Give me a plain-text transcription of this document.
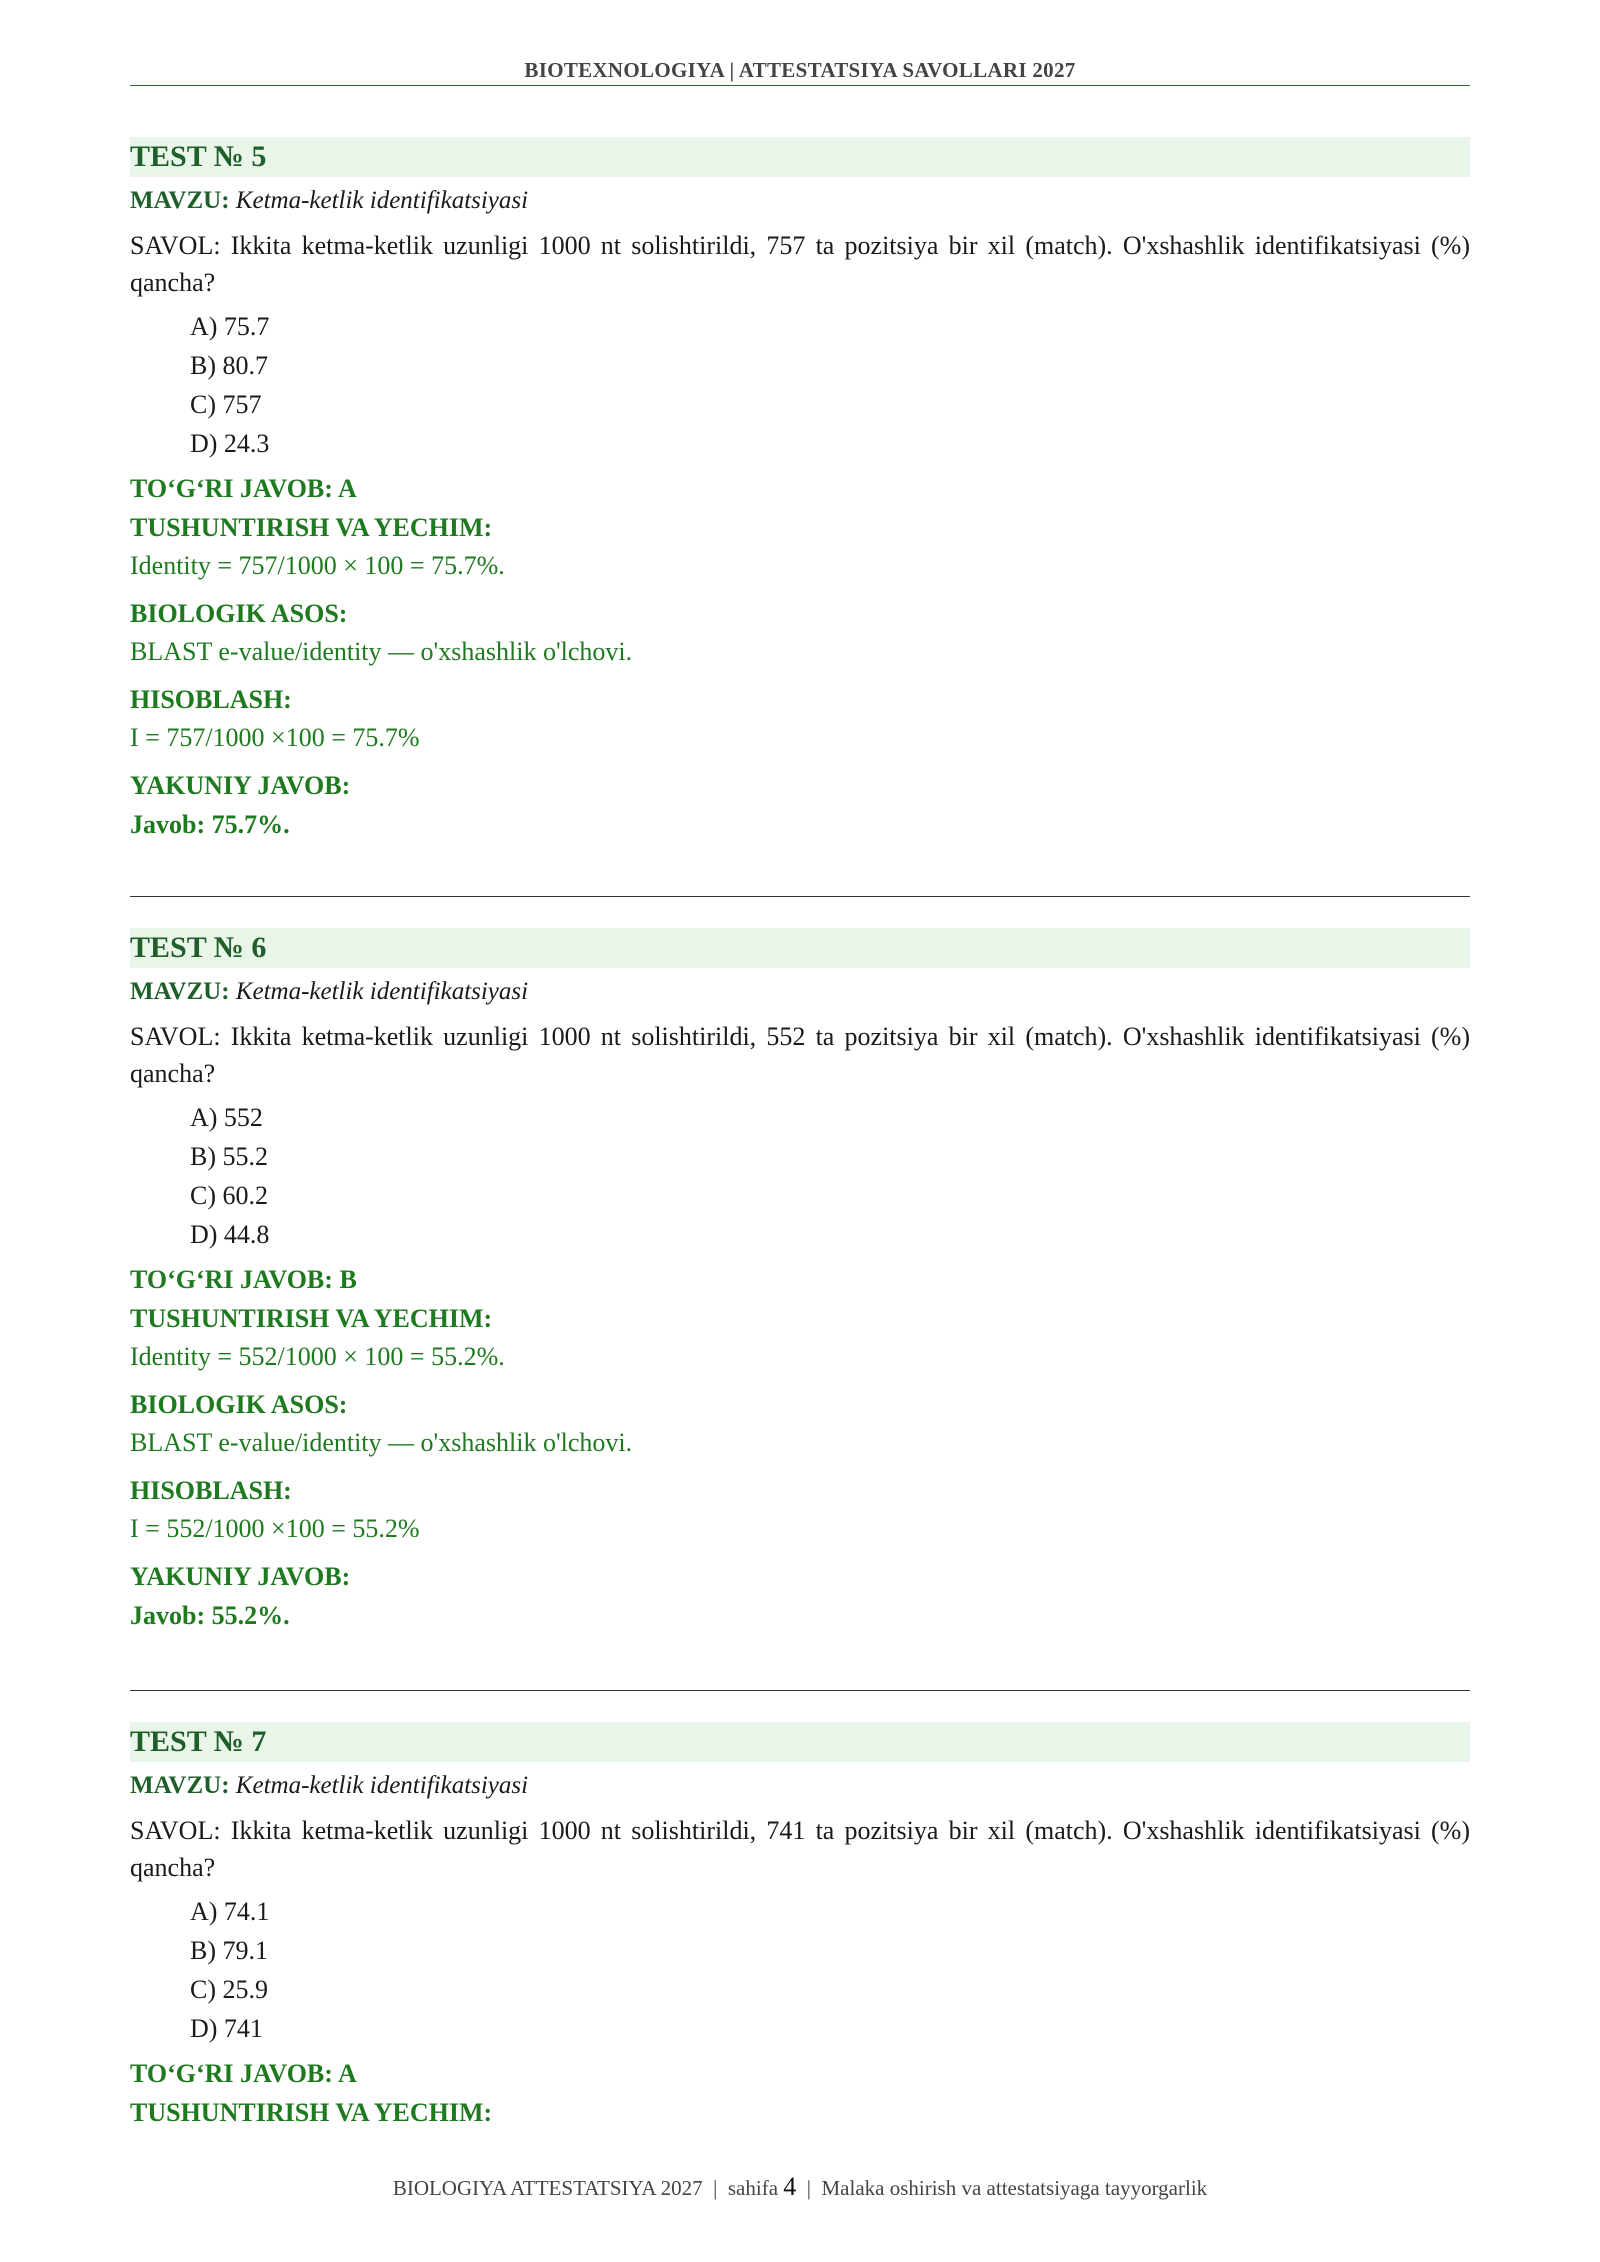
BIOTEXNOLOGIYA | ATTESTATSIYA SAVOLLARI 2027
TEST № 5
MAVZU: Ketma-ketlik identifikatsiyasi
SAVOL: Ikkita ketma-ketlik uzunligi 1000 nt solishtirildi, 757 ta pozitsiya bir xil (match). O'xshashlik identifikatsiyasi (%) qancha?
A) 75.7
B) 80.7
C) 757
D) 24.3
TO‘G‘RI JAVOB: A
TUSHUNTIRISH VA YECHIM:
Identity = 757/1000 × 100 = 75.7%.
BIOLOGIK ASOS:
BLAST e-value/identity — o'xshashlik o'lchovi.
HISOBLASH:
I = 757/1000 ×100 = 75.7%
YAKUNIY JAVOB:
Javob: 75.7%.
TEST № 6
MAVZU: Ketma-ketlik identifikatsiyasi
SAVOL: Ikkita ketma-ketlik uzunligi 1000 nt solishtirildi, 552 ta pozitsiya bir xil (match). O'xshashlik identifikatsiyasi (%) qancha?
A) 552
B) 55.2
C) 60.2
D) 44.8
TO‘G‘RI JAVOB: B
TUSHUNTIRISH VA YECHIM:
Identity = 552/1000 × 100 = 55.2%.
BIOLOGIK ASOS:
BLAST e-value/identity — o'xshashlik o'lchovi.
HISOBLASH:
I = 552/1000 ×100 = 55.2%
YAKUNIY JAVOB:
Javob: 55.2%.
TEST № 7
MAVZU: Ketma-ketlik identifikatsiyasi
SAVOL: Ikkita ketma-ketlik uzunligi 1000 nt solishtirildi, 741 ta pozitsiya bir xil (match). O'xshashlik identifikatsiyasi (%) qancha?
A) 74.1
B) 79.1
C) 25.9
D) 741
TO‘G‘RI JAVOB: A
TUSHUNTIRISH VA YECHIM:
BIOLOGIYA ATTESTATSIYA 2027 | sahifa 4 | Malaka oshirish va attestatsiyaga tayyorgarlik
